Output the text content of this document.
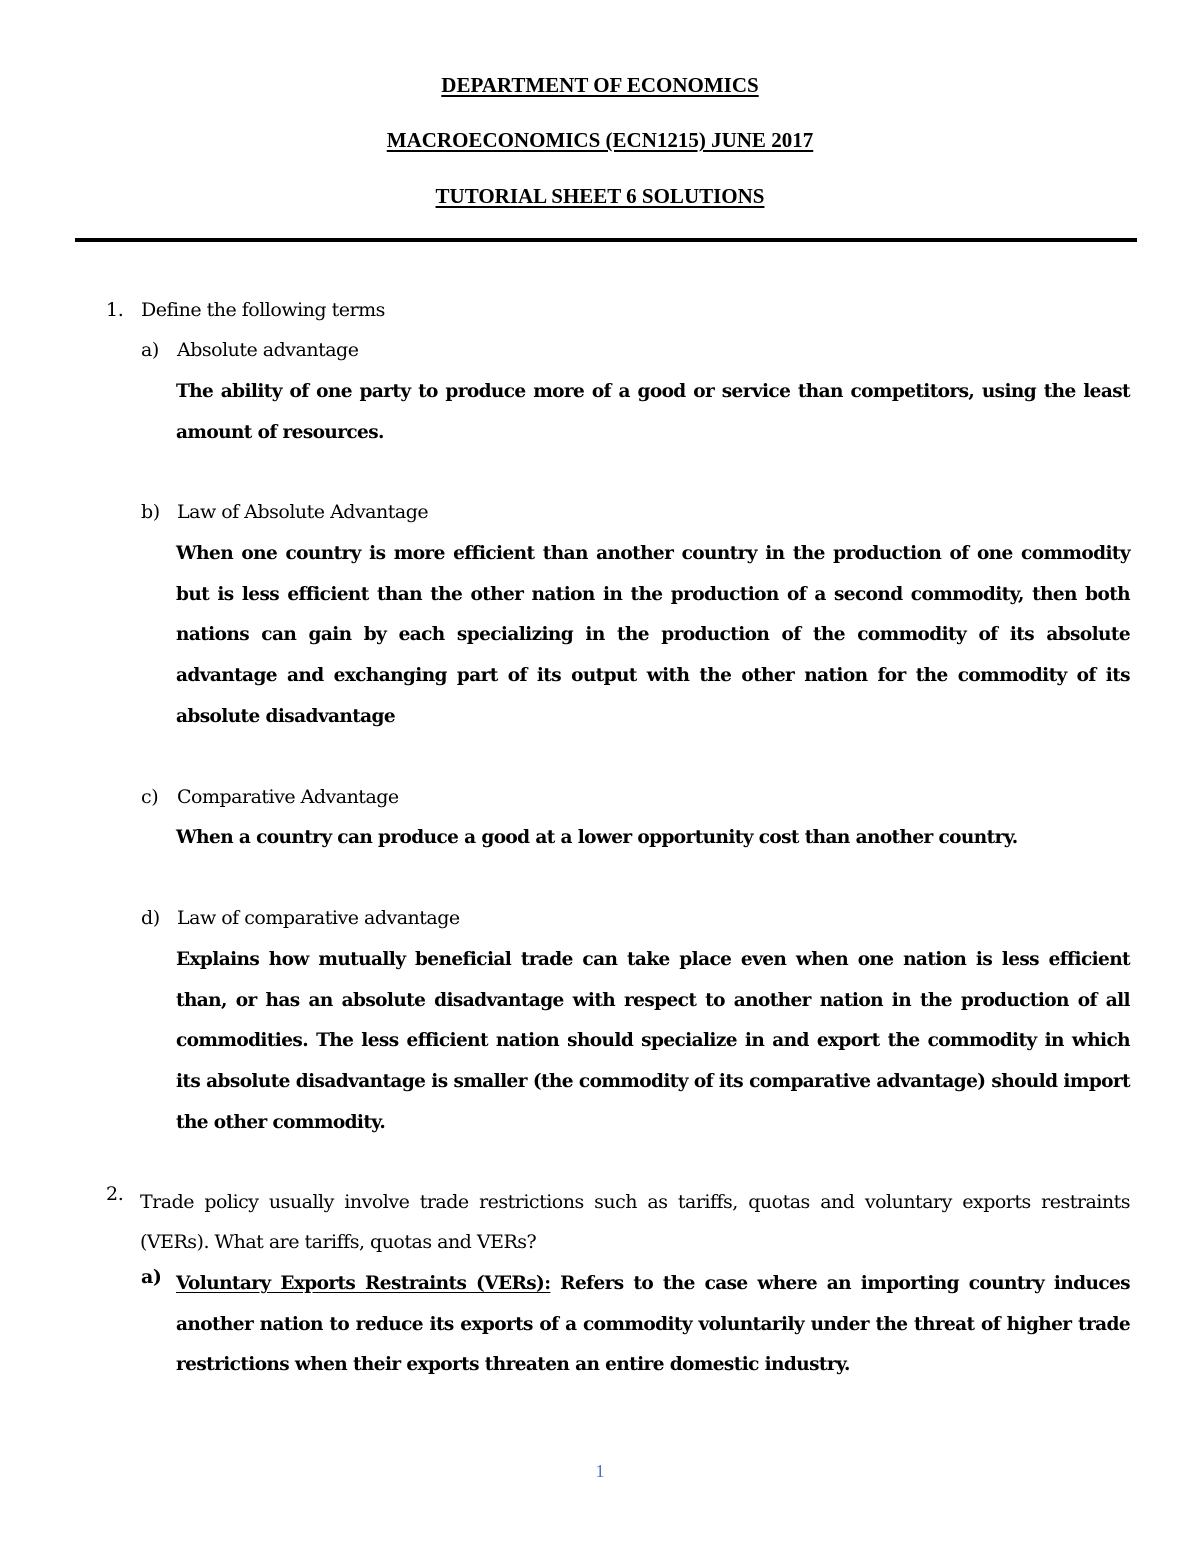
DEPARTMENT OF ECONOMICS
MACROECONOMICS (ECN1215) JUNE 2017
TUTORIAL SHEET 6 SOLUTIONS
1. Define the following terms
a) Absolute advantage
The ability of one party to produce more of a good or service than competitors, using the least amount of resources.
b) Law of Absolute Advantage
When one country is more efficient than another country in the production of one commodity but is less efficient than the other nation in the production of a second commodity, then both nations can gain by each specializing in the production of the commodity of its absolute advantage and exchanging part of its output with the other nation for the commodity of its absolute disadvantage
c) Comparative Advantage
When a country can produce a good at a lower opportunity cost than another country.
d) Law of comparative advantage
Explains how mutually beneficial trade can take place even when one nation is less efficient than, or has an absolute disadvantage with respect to another nation in the production of all commodities. The less efficient nation should specialize in and export the commodity in which its absolute disadvantage is smaller (the commodity of its comparative advantage) should import the other commodity.
2. Trade policy usually involve trade restrictions such as tariffs, quotas and voluntary exports restraints (VERs). What are tariffs, quotas and VERs?
a) Voluntary Exports Restraints (VERs): Refers to the case where an importing country induces another nation to reduce its exports of a commodity voluntarily under the threat of higher trade restrictions when their exports threaten an entire domestic industry.
1
